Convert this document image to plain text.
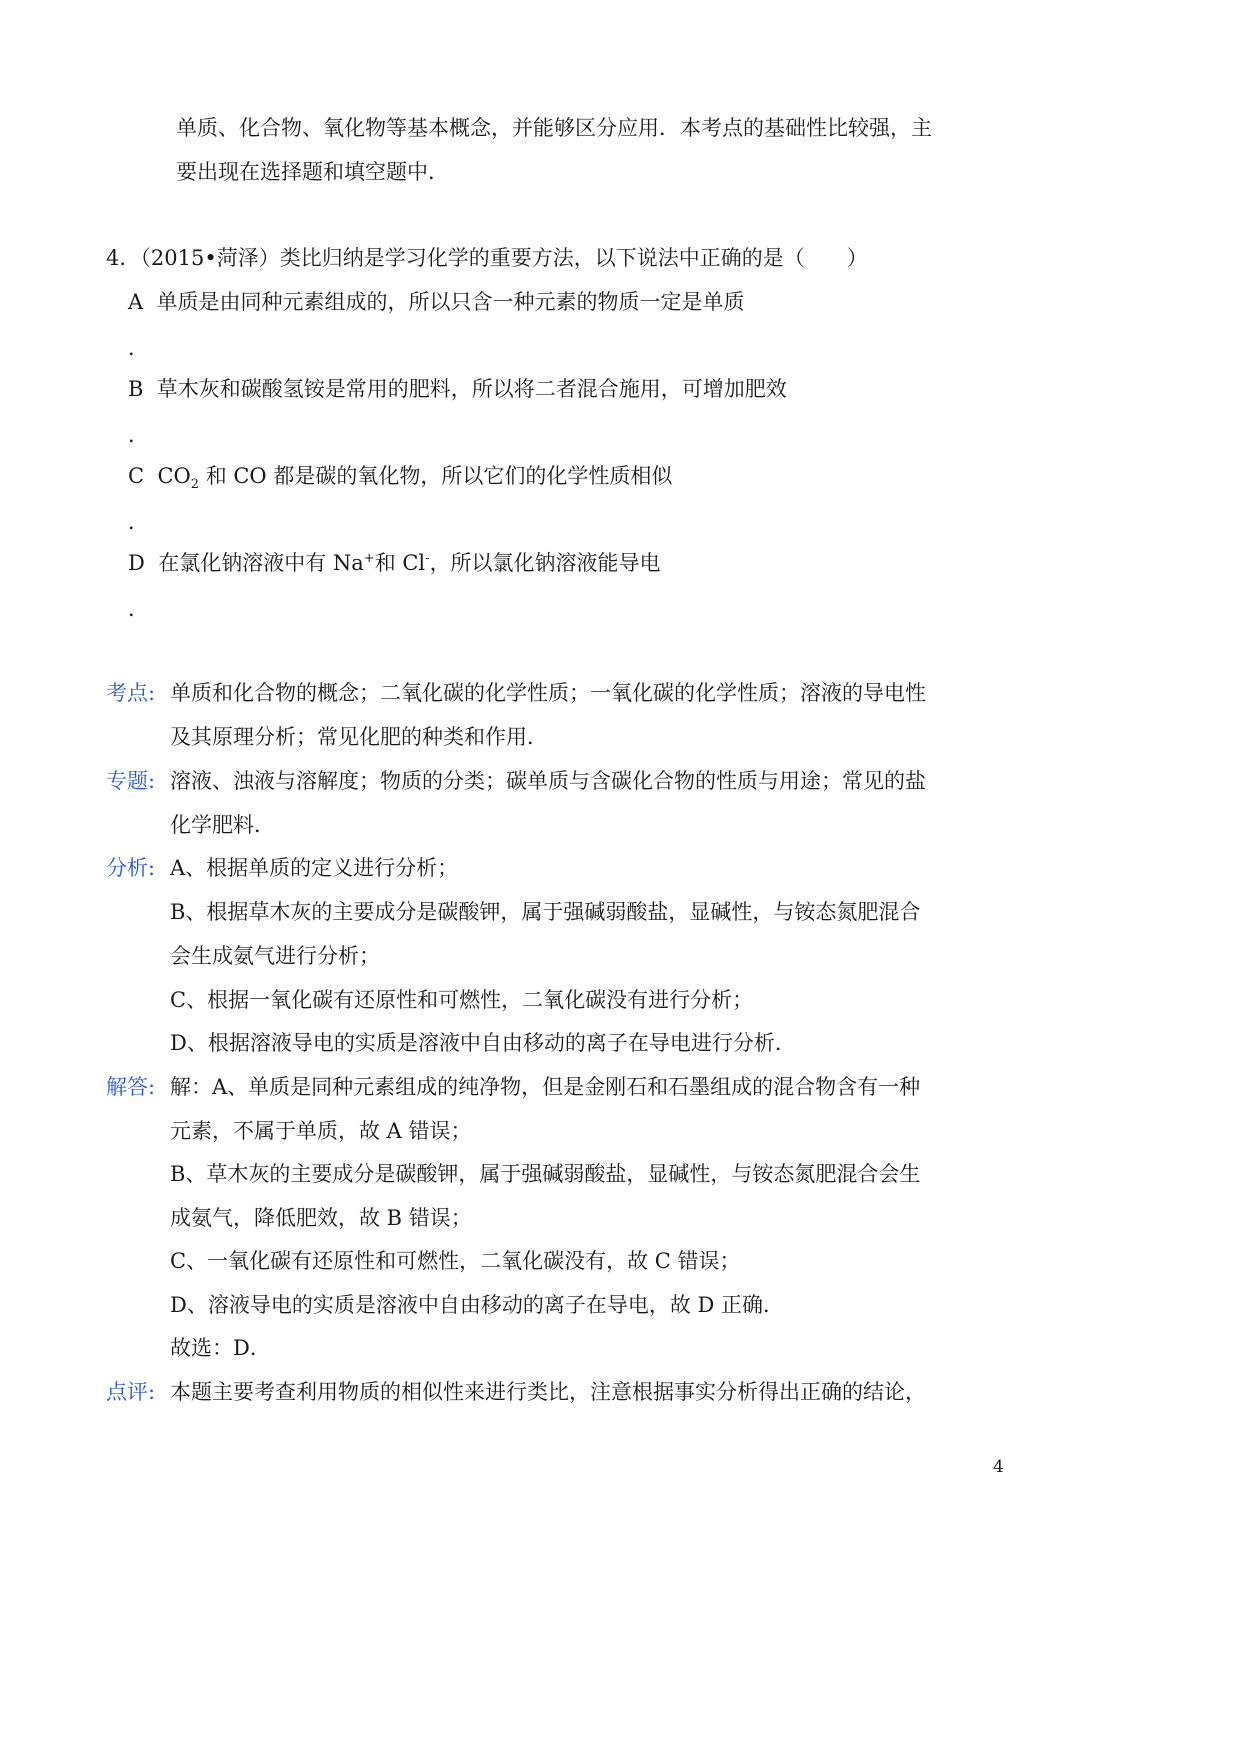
单质、化合物、氧化物等基本概念，并能够区分应用．本考点的基础性比较强，主
要出现在选择题和填空题中．
4．（2015•菏泽）类比归纳是学习化学的重要方法，以下说法中正确的是（　　）
A 单质是由同种元素组成的，所以只含一种元素的物质一定是单质
．
B 草木灰和碳酸氢铵是常用的肥料，所以将二者混合施用，可增加肥效
．
C $CO_2$ 和 CO 都是碳的氧化物，所以它们的化学性质相似
．
D 在氯化钠溶液中有 Na+和 Cl-，所以氯化钠溶液能导电
．
考点: 单质和化合物的概念；二氧化碳的化学性质；一氧化碳的化学性质；溶液的导电性
及其原理分析；常见化肥的种类和作用．
专题: 溶液、浊液与溶解度；物质的分类；碳单质与含碳化合物的性质与用途；常见的盐
化学肥料．
分析: A、根据单质的定义进行分析；
B、根据草木灰的主要成分是碳酸钾，属于强碱弱酸盐，显碱性，与铵态氮肥混合
会生成氨气进行分析；
C、根据一氧化碳有还原性和可燃性，二氧化碳没有进行分析；
D、根据溶液导电的实质是溶液中自由移动的离子在导电进行分析．
解答: 解：A、单质是同种元素组成的纯净物，但是金刚石和石墨组成的混合物含有一种
元素，不属于单质，故 A 错误；
B、草木灰的主要成分是碳酸钾，属于强碱弱酸盐，显碱性，与铵态氮肥混合会生
成氨气，降低肥效，故 B 错误；
C、一氧化碳有还原性和可燃性，二氧化碳没有，故 C 错误；
D、溶液导电的实质是溶液中自由移动的离子在导电，故 D 正确．
故选：D．
点评: 本题主要考查利用物质的相似性来进行类比，注意根据事实分析得出正确的结论，
4
